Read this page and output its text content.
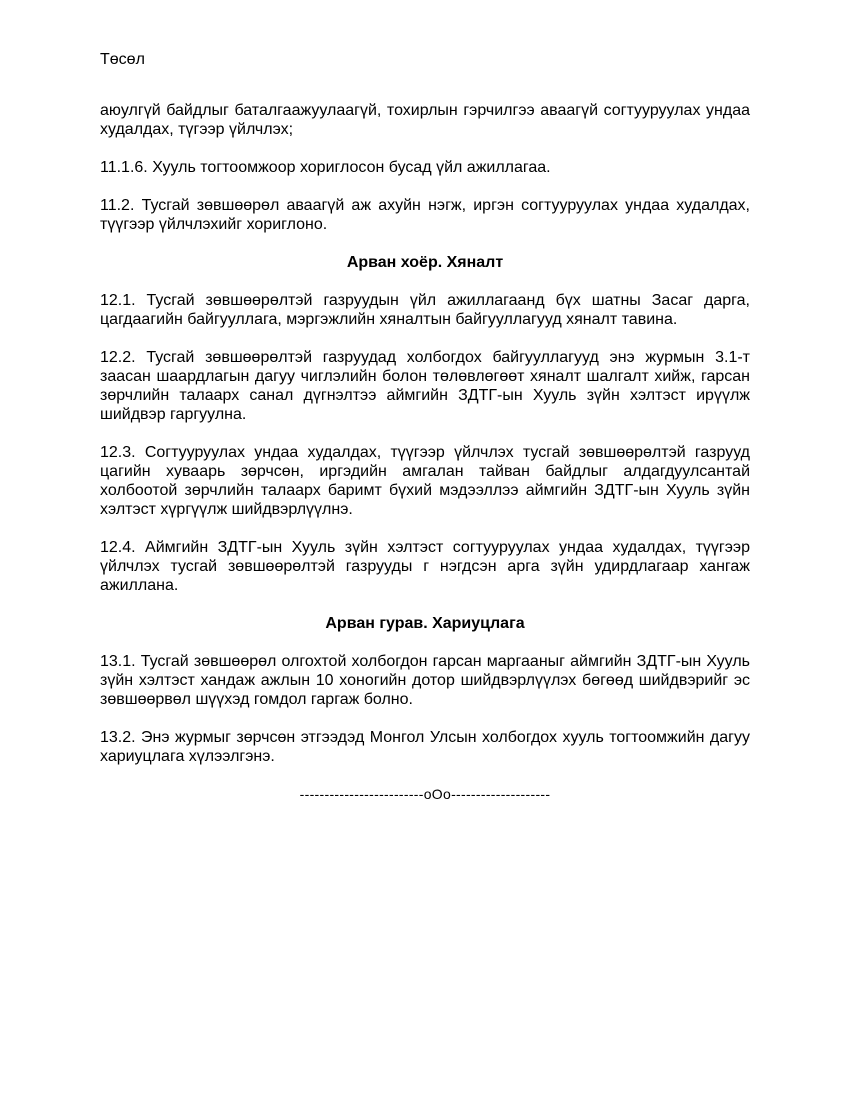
Төсөл

аюулгүй байдлыг баталгаажуулаагүй, тохирлын гэрчилгээ аваагүй согтууруулах ундаа худалдах, түгээр үйлчлэх;

11.1.6. Хууль тогтоомжоор хориглосон бусад үйл ажиллагаа.

11.2. Тусгай зөвшөөрөл аваагүй аж ахуйн нэгж, иргэн согтууруулах ундаа худалдах, түүгээр үйлчлэхийг хориглоно.

Арван хоёр. Хяналт

12.1. Тусгай зөвшөөрөлтэй газруудын үйл ажиллагаанд бүх шатны Засаг дарга, цагдаагийн байгууллага, мэргэжлийн хяналтын байгууллагууд хяналт тавина.

12.2. Тусгай зөвшөөрөлтэй газруудад холбогдох байгууллагууд энэ журмын 3.1-т заасан шаардлагын дагуу чиглэлийн болон төлөвлөгөөт хяналт шалгалт хийж, гарсан зөрчлийн талаарх санал дүгнэлтээ аймгийн ЗДТГ-ын Хууль зүйн хэлтэст ирүүлж шийдвэр гаргуулна.

12.3. Согтууруулах ундаа худалдах, түүгээр үйлчлэх тусгай зөвшөөрөлтэй газрууд цагийн хуваарь зөрчсөн, иргэдийн амгалан тайван байдлыг алдагдуулсантай холбоотой зөрчлийн талаарх баримт бүхий мэдээллээ аймгийн ЗДТГ-ын Хууль зүйн хэлтэст хүргүүлж шийдвэрлүүлнэ.

12.4. Аймгийн ЗДТГ-ын Хууль зүйн хэлтэст согтууруулах ундаа худалдах, түүгээр үйлчлэх тусгай зөвшөөрөлтэй газрууды г нэгдсэн арга зүйн удирдлагаар хангаж ажиллана.

Арван гурав. Хариуцлага

13.1. Тусгай зөвшөөрөл олгохтой холбогдон гарсан маргааныг аймгийн ЗДТГ-ын Хууль зүйн хэлтэст хандаж ажлын 10 хоногийн дотор шийдвэрлүүлэх бөгөөд шийдвэрийг эс зөвшөөрвөл шүүхэд гомдол гаргаж болно.

13.2. Энэ журмыг зөрчсөн этгээдэд Монгол Улсын холбогдох хууль тогтоомжийн дагуу хариуцлага хүлээлгэнэ.

-------------------------oOo--------------------
